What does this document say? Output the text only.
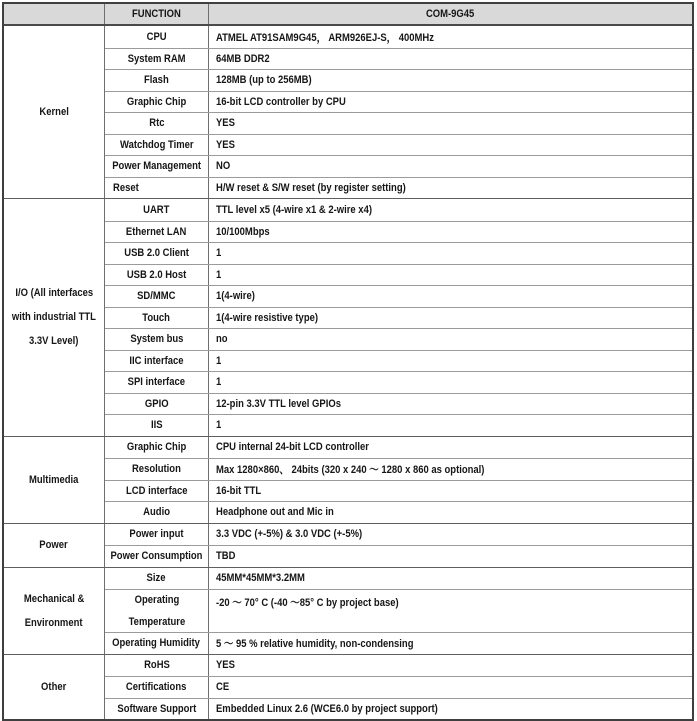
FUNCTION	COM-9G45
Kernel
CPU	ATMEL AT91SAM9G45， ARM926EJ-S， 400MHz
System RAM	64MB DDR2
Flash	128MB (up to 256MB)
Graphic Chip	16-bit LCD controller by CPU
Rtc	YES
Watchdog Timer YES
Power Management NO
Reset	H/W reset & S/W reset (by register setting)
I/O (All interfaces
with industrial TTL
3.3V Level)
UART	TTL level x5 (4-wire x1 & 2-wire x4)
Ethernet LAN	10/100Mbps
USB 2.0 Client 1
USB 2.0 Host	1
SD/MMC	1(4-wire)
Touch	1(4-wire resistive type)
System bus	no
IIC interface	1
SPI interface	1
GPIO	12-pin 3.3V TTL level GPIOs
IIS	1
Multimedia
Graphic Chip	CPU internal 24-bit LCD controller
Resolution	Max 1280×860、 24bits (320 x 240 ～ 1280 x 860 as optional)
LCD interface	16-bit TTL
Audio	Headphone out and Mic in
Power
Power input	3.3 VDC (+-5%) & 3.0 VDC (+-5%)
Power Consumption TBD
Mechanical &
Environment
Size	45MM*45MM*3.2MM
Operating
Temperature
-20 ～ 70° C (-40 ～85° C by project base)
Operating Humidity 5 ～ 95 % relative humidity, non-condensing
Other
RoHS	YES
Certifications	CE
Software Support Embedded Linux 2.6 (WCE6.0 by project support)
